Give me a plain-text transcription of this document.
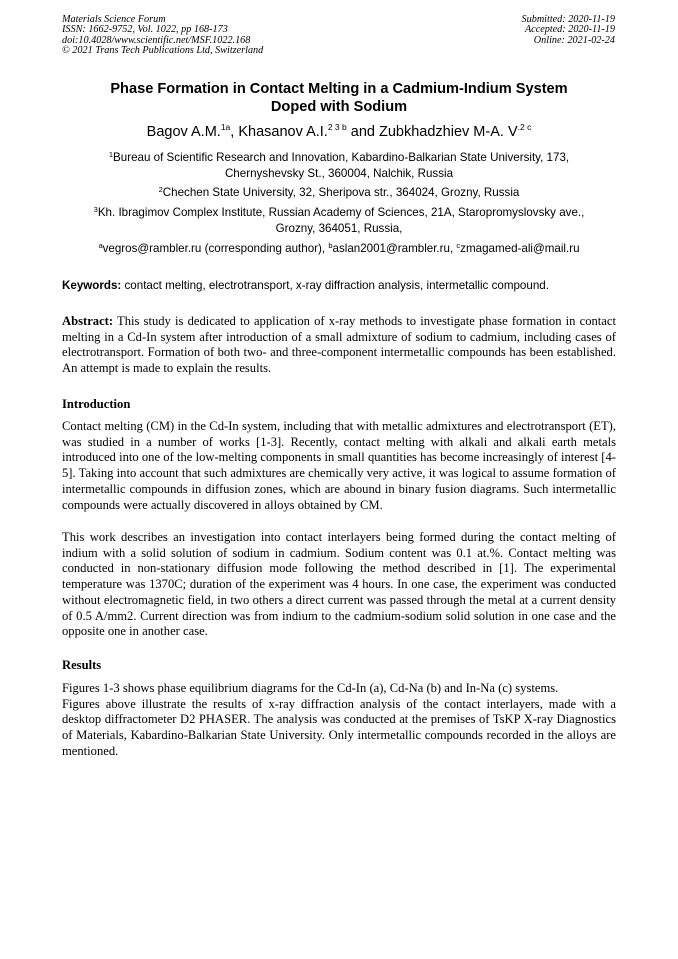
Materials Science Forum
ISSN: 1662-9752, Vol. 1022, pp 168-173
doi:10.4028/www.scientific.net/MSF.1022.168
© 2021 Trans Tech Publications Ltd, Switzerland
Submitted: 2020-11-19
Accepted: 2020-11-19
Online: 2021-02-24
Phase Formation in Contact Melting in a Cadmium-Indium System
Doped with Sodium
Bagov A.M.$^{1a}$, Khasanov A.I.$^{2 3 b}$ and Zubkhadzhiev M-A. $V^{.2 c}$
$^1$Bureau of Scientific Research and Innovation, Kabardino-Balkarian State University, 173,
Chernyshevsky St., 360004, Nalchik, Russia
$^2$Chechen State University, 32, Sheripova str., 364024, Grozny, Russia
$^3$Kh. Ibragimov Complex Institute, Russian Academy of Sciences, 21A, Staropromyslovsky ave.,
Grozny, 364051, Russia,
$^a$vegros@rambler.ru (corresponding author), $^b$aslan2001@rambler.ru, $^c$zmagamed-ali@mail.ru
Keywords: contact melting, electrotransport, x-ray diffraction analysis, intermetallic compound.
Abstract: This study is dedicated to application of x-ray methods to investigate phase formation in contact melting in a Cd-In system after introduction of a small admixture of sodium to cadmium, including cases of electrotransport. Formation of both two- and three-component intermetallic compounds has been established. An attempt is made to explain the results.
Introduction
Contact melting (CM) in the Cd-In system, including that with metallic admixtures and electrotransport (ET), was studied in a number of works [1-3]. Recently, contact melting with alkali and alkali earth metals introduced into one of the low-melting components in small quantities has become increasingly of interest [4-5]. Taking into account that such admixtures are chemically very active, it was logical to assume formation of intermetallic compounds in diffusion zones, which are abound in binary fusion diagrams. Such intermetallic compounds were actually discovered in alloys obtained by CM.
This work describes an investigation into contact interlayers being formed during the contact melting of indium with a solid solution of sodium in cadmium. Sodium content was 0.1 at.%. Contact melting was conducted in non-stationary diffusion mode following the method described in [1]. The experimental temperature was 1370C; duration of the experiment was 4 hours. In one case, the experiment was conducted without electromagnetic field, in two others a direct current was passed through the metal at a current density of 0.5 A/mm2. Current direction was from indium to the cadmium-sodium solid solution in one case and the opposite one in another case.
Results
Figures 1-3 shows phase equilibrium diagrams for the Cd-In (a), Cd-Na (b) and In-Na (c) systems.
Figures above illustrate the results of x-ray diffraction analysis of the contact interlayers, made with a desktop diffractometer D2 PHASER. The analysis was conducted at the premises of TsKP X-ray Diagnostics of Materials, Kabardino-Balkarian State University. Only intermetallic compounds recorded in the alloys are mentioned.
